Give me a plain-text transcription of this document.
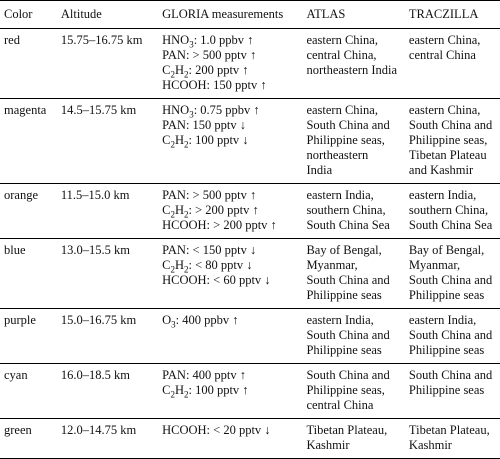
Color	Altitude	GLORIA measurements	ATLAS	TRACZILLA
red	15.75–16.75 km	$HNO_3$: 1.0 ppbv ↑
PAN: > 500 pptv ↑
$C_2H_2$: 200 pptv ↑
HCOOH: 150 pptv ↑	eastern China,
central China,
northeastern India	eastern China,
central China

magenta	14.5–15.75 km	$HNO_3$: 0.75 ppbv ↑
PAN: 150 pptv ↓
$C_2H_2$: 100 pptv ↓	eastern China,
South China and
Philippine seas,
northeastern
India	eastern China,
South China and
Philippine seas,
Tibetan Plateau
and Kashmir

orange	11.5–15.0 km	PAN: > 500 pptv ↑
$C_2H_2$: > 200 pptv ↑
HCOOH: > 200 pptv ↑	eastern India,
southern China,
South China Sea	eastern India,
southern China,
South China Sea

blue	13.0–15.5 km	PAN: < 150 pptv ↓
$C_2H_2$: < 80 pptv ↓
HCOOH: < 60 pptv ↓	Bay of Bengal,
Myanmar,
South China and
Philippine seas	Bay of Bengal,
Myanmar,
South China and
Philippine seas

purple	15.0–16.75 km	$O_3$: 400 ppbv ↑	eastern India,
South China and
Philippine seas	eastern India,
South China and
Philippine seas

cyan	16.0–18.5 km	PAN: 400 pptv ↑
$C_2H_2$: 100 pptv ↑	South China and
Philippine seas,
central China	South China and
Philippine seas

green	12.0–14.75 km	HCOOH: < 20 pptv ↓	Tibetan Plateau,
Kashmir	Tibetan Plateau,
Kashmir
